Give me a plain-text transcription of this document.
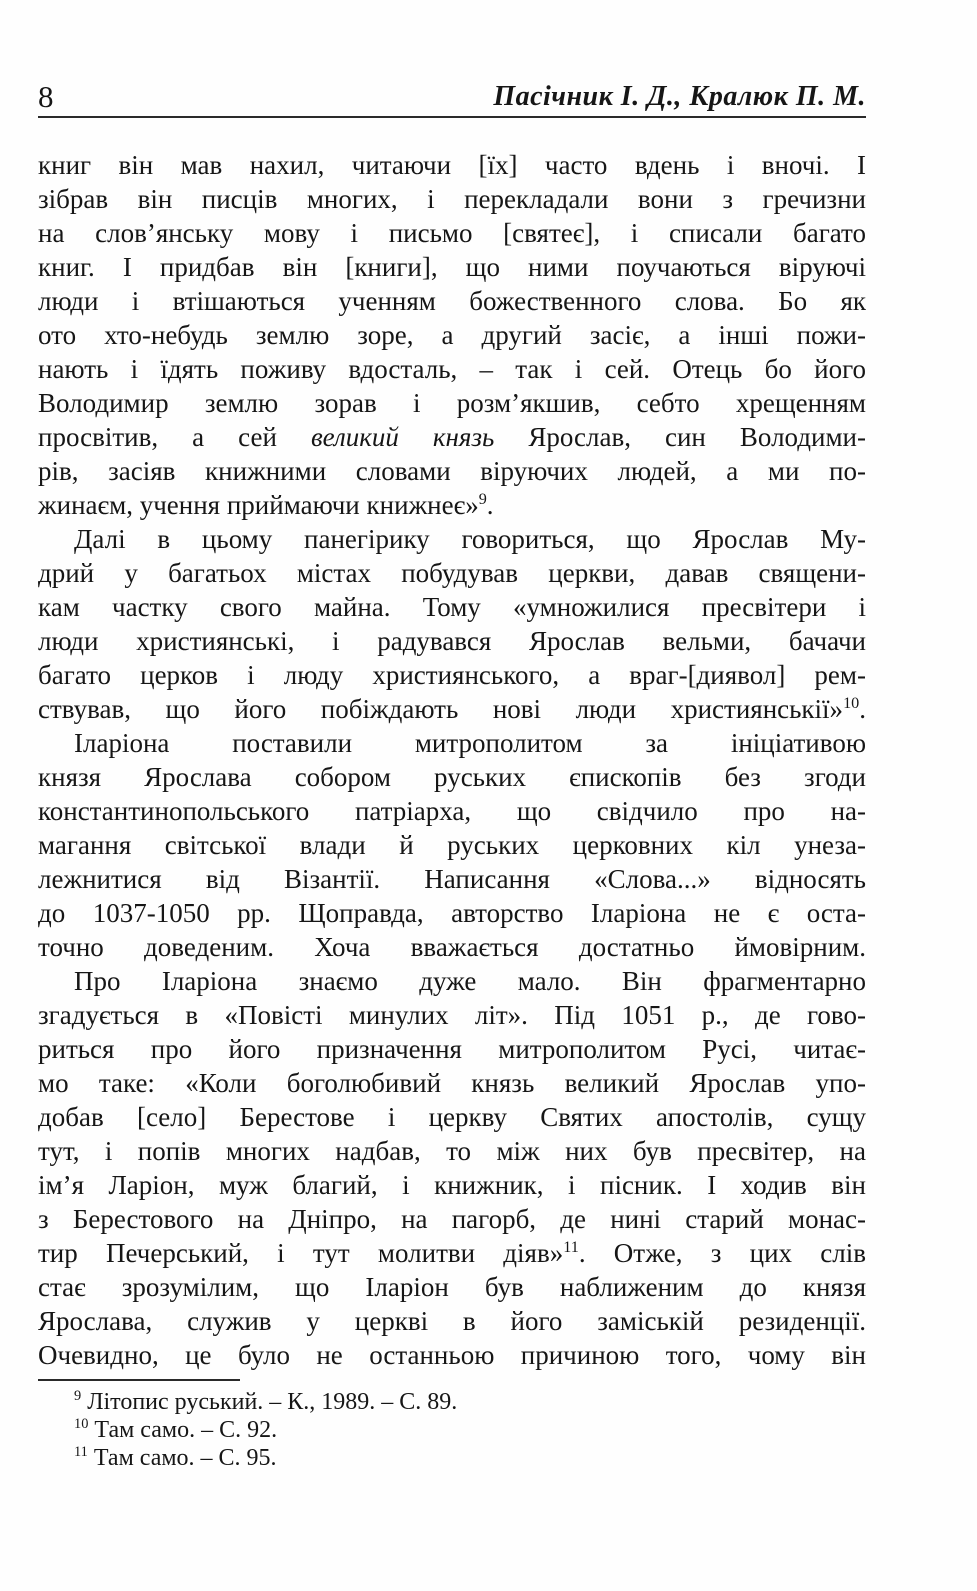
8	Пасічник І. Д., Кралюк П. М.
книг він мав нахил, читаючи [їх] часто вдень і вночі. І
зібрав він писців многих, і перекладали вони з гречизни
на слов’янську мову і письмо [святеє], і списали багато
книг. І придбав він [книги], що ними поучаються віруючі
люди і втішаються ученням божественного слова. Бо як
ото хто-небудь землю зоре, а другий засіє, а інші пожи-
нають і їдять поживу вдосталь, – так і сей. Отець бо його
Володимир землю зорав і розм’якшив, себто хрещенням
просвітив, а сей великий князь Ярослав, син Володими-
рів, засіяв книжними словами віруючих людей, а ми по-
жинаєм, учення приймаючи книжнеє»$^9$.
Далі в цьому панегірику говориться, що Ярослав Му-
дрий у багатьох містах побудував церкви, давав священи-
кам частку свого майна. Тому «умножилися пресвітери і
люди християнські, і радувався Ярослав вельми, бачачи
багато церков і люду християнського, а враг-[диявол] рем-
ствував, що його побіждають нові люди християнськії»$^{10}$.
Іларіона поставили митрополитом за ініціативою
князя Ярослава собором руських єпископів без згоди
константинопольського патріарха, що свідчило про на-
магання світської влади й руських церковних кіл унеза-
лежнитися від Візантії. Написання «Слова...» відносять
до 1037-1050 рр. Щоправда, авторство Іларіона не є оста-
точно доведеним. Хоча вважається достатньо ймовірним.
Про Іларіона знаємо дуже мало. Він фрагментарно
згадується в «Повісті минулих літ». Під 1051 р., де гово-
риться про його призначення митрополитом Русі, читає-
мо таке: «Коли боголюбивий князь великий Ярослав упо-
добав [село] Берестове і церкву Святих апостолів, сущу
тут, і попів многих надбав, то між них був пресвітер, на
ім’я Ларіон, муж благий, і книжник, і пісник. І ходив він
з Берестового на Дніпро, на пагорб, де нині старий монас-
тир Печерський, і тут молитви діяв»$^{11}$. Отже, з цих слів
стає зрозумілим, що Іларіон був наближеним до князя
Ярослава, служив у церкві в його заміській резиденції.
Очевидно, це було не останньою причиною того, чому він
$^9$ Літопис руський. – К., 1989. – С. 89.
$^{10}$ Там само. – С. 92.
$^{11}$ Там само. – С. 95.
